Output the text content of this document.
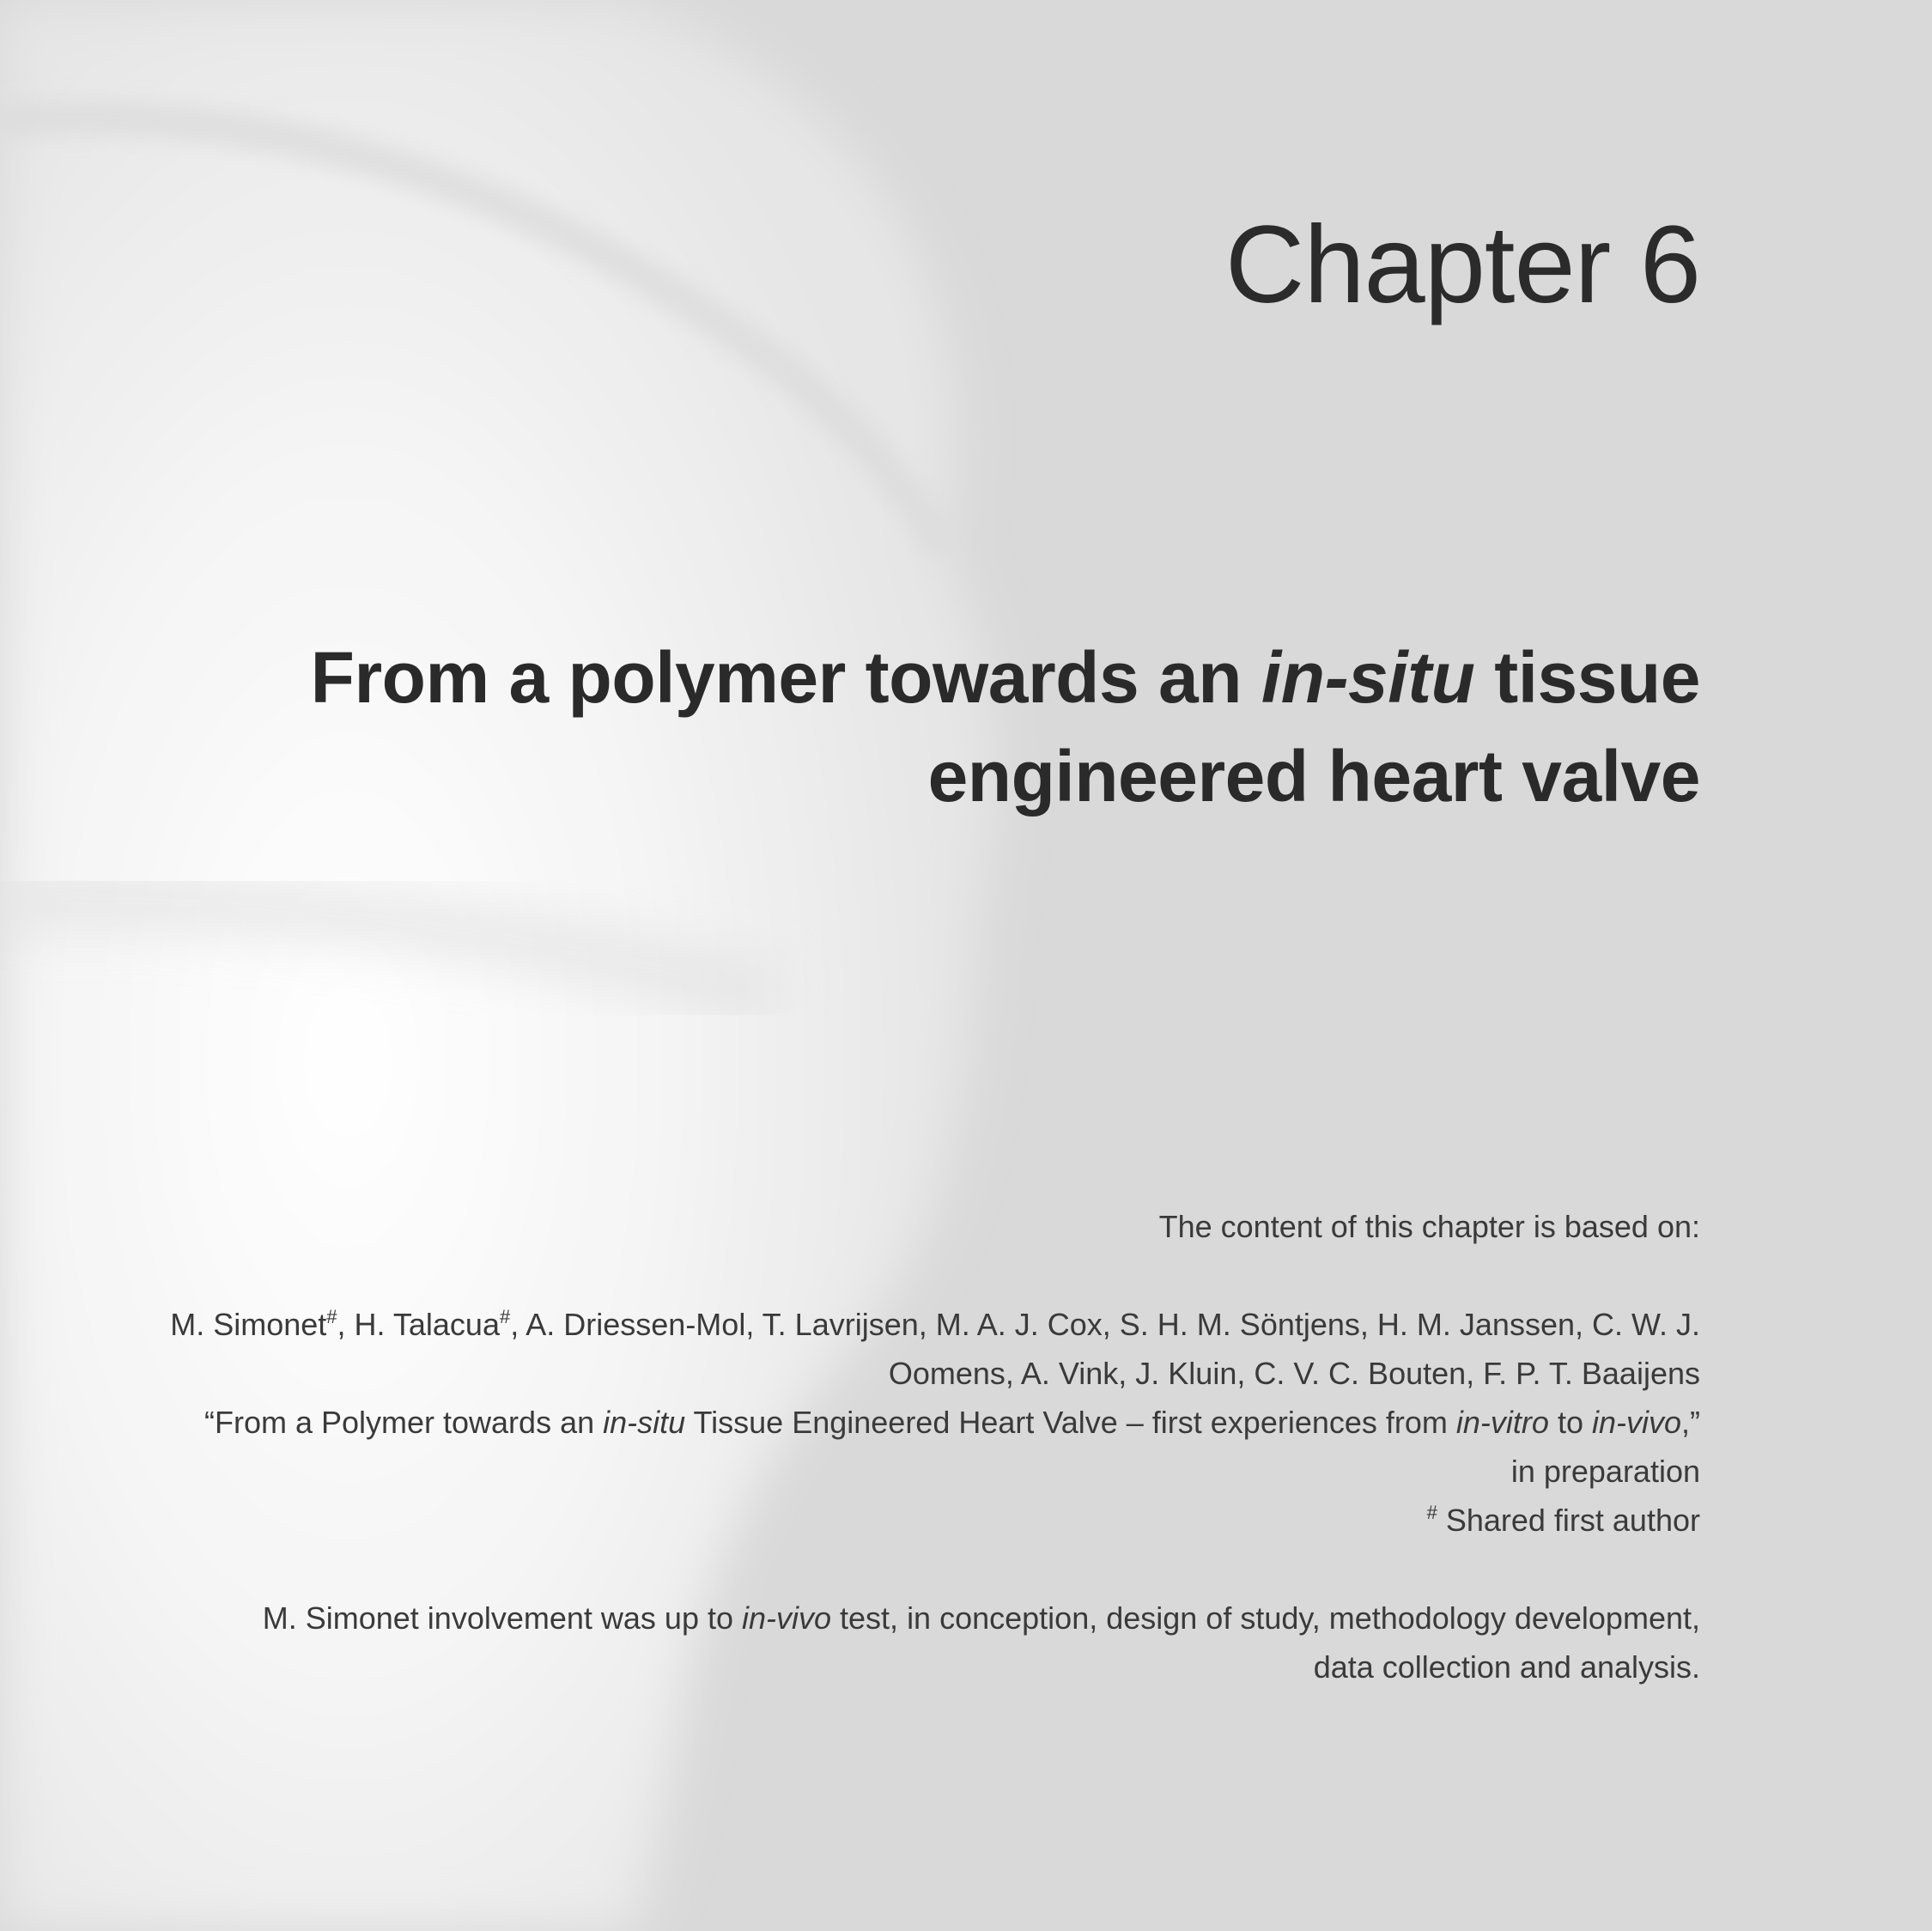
Chapter 6
From a polymer towards an in-situ tissue
engineered heart valve
The content of this chapter is based on:
M. Simonet#, H. Talacua#, A. Driessen-Mol, T. Lavrijsen, M. A. J. Cox, S. H. M. Söntjens, H. M. Janssen, C. W. J.
Oomens, A. Vink, J. Kluin, C. V. C. Bouten, F. P. T. Baaijens
“From a Polymer towards an in-situ Tissue Engineered Heart Valve – first experiences from in-vitro to in-vivo,”
in preparation
# Shared first author
M. Simonet involvement was up to in-vivo test, in conception, design of study, methodology development,
data collection and analysis.
